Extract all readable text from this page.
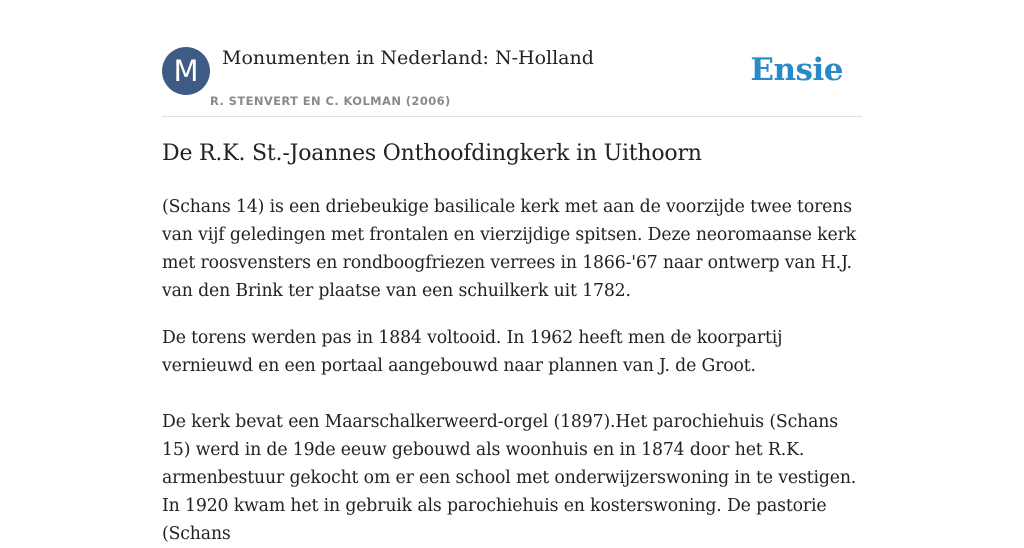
M	Monumenten in Nederland: N-Holland
R. STENVERT EN C. KOLMAN (2006)
Ensie
De R.K. St.-Joannes Onthoofdingkerk in Uithoorn

(Schans 14) is een driebeukige basilicale kerk met aan de voorzijde twee torens van vijf geledingen met frontalen en vierzijdige spitsen. Deze neoromaanse kerk met roosvensters en rondboogfriezen verrees in 1866-'67 naar ontwerp van H.J. van den Brink ter plaatse van een schuilkerk uit 1782.

De torens werden pas in 1884 voltooid. In 1962 heeft men de koorpartij vernieuwd en een portaal aangebouwd naar plannen van J. de Groot.

De kerk bevat een Maarschalkerweerd-orgel (1897).Het parochiehuis (Schans 15) werd in de 19de eeuw gebouwd als woonhuis en in 1874 door het R.K. armenbestuur gekocht om er een school met onderwijzerswoning in te vestigen. In 1920 kwam het in gebruik als parochiehuis en kosterswoning. De pastorie (Schans
